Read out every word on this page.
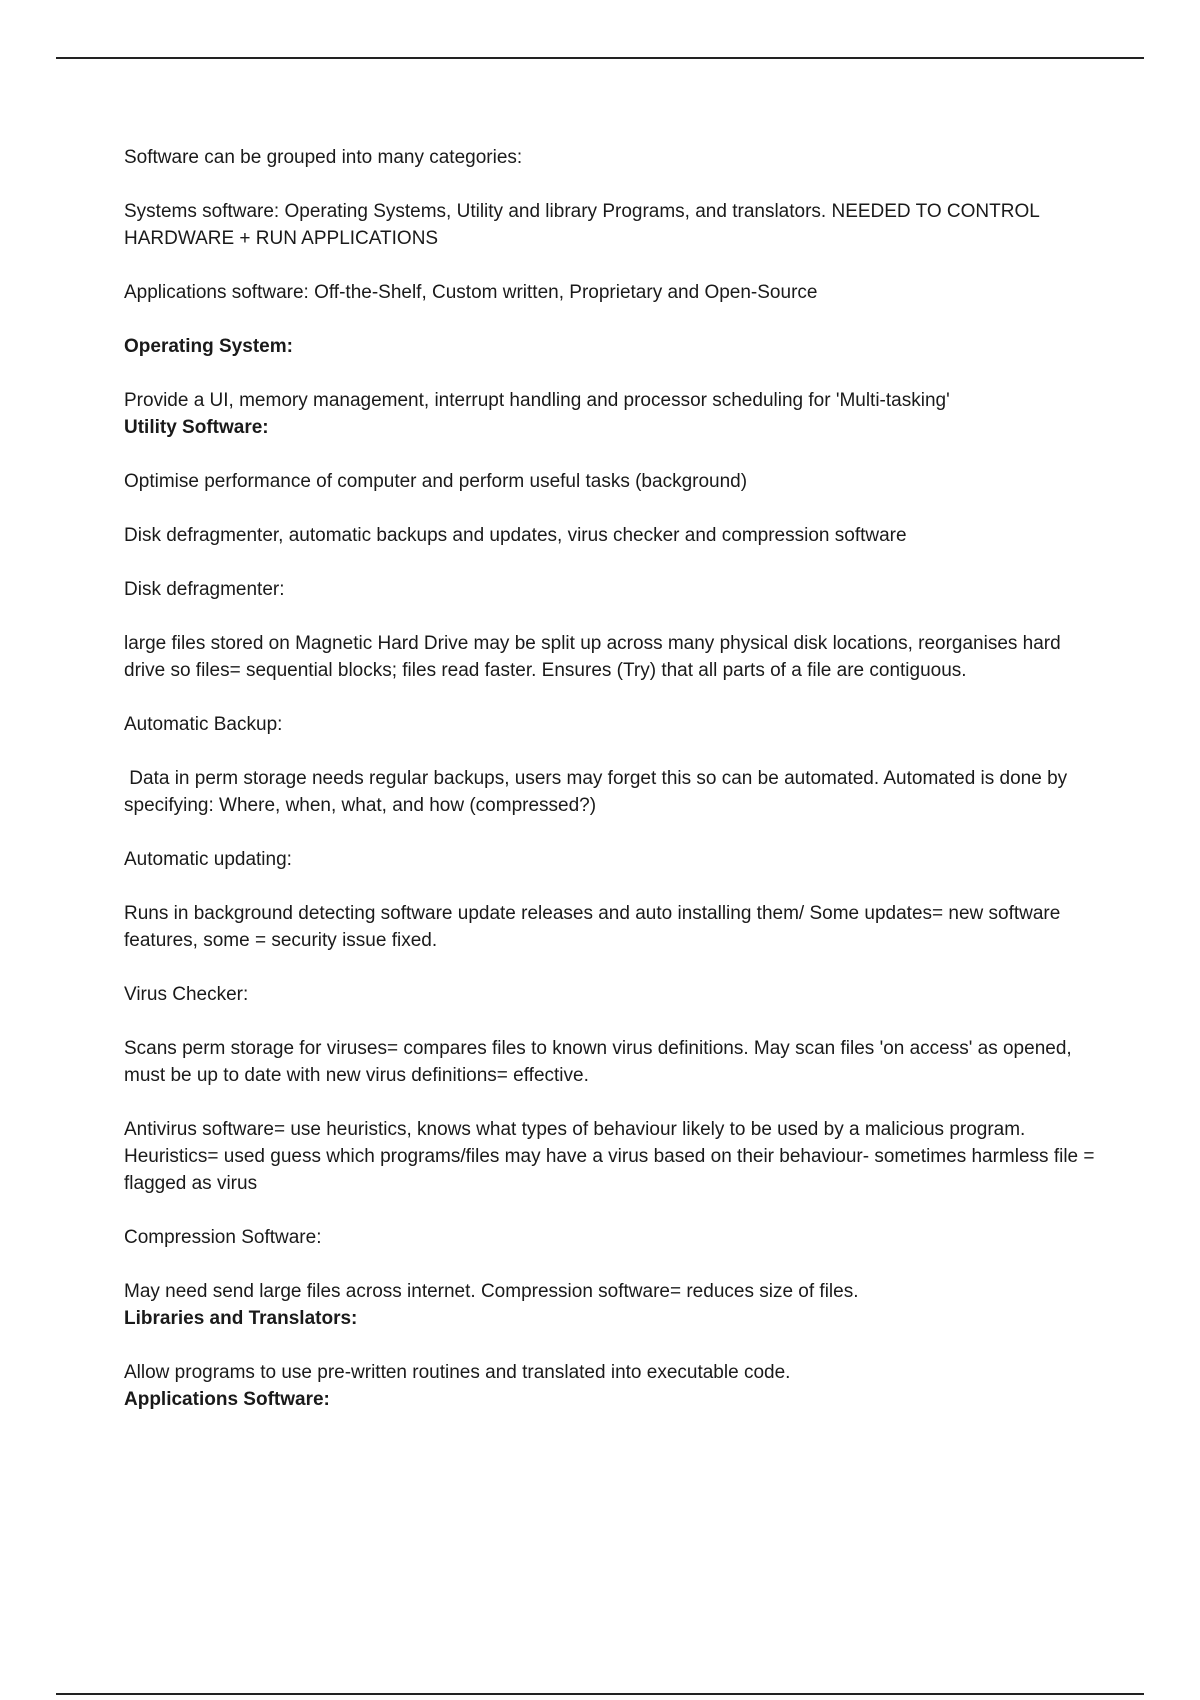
Software can be grouped into many categories:

Systems software: Operating Systems, Utility and library Programs, and translators. NEEDED TO CONTROL HARDWARE + RUN APPLICATIONS

Applications software: Off-the-Shelf, Custom written, Proprietary and Open-Source

Operating System:

Provide a UI, memory management, interrupt handling and processor scheduling for 'Multi-tasking'

Utility Software:

Optimise performance of computer and perform useful tasks (background)

Disk defragmenter, automatic backups and updates, virus checker and compression software

Disk defragmenter:

large files stored on Magnetic Hard Drive may be split up across many physical disk locations, reorganises hard drive so files= sequential blocks; files read faster. Ensures (Try) that all parts of a file are contiguous.

Automatic Backup:

Data in perm storage needs regular backups, users may forget this so can be automated. Automated is done by specifying: Where, when, what, and how (compressed?)

Automatic updating:

Runs in background detecting software update releases and auto installing them/ Some updates= new software features, some = security issue fixed.

Virus Checker:

Scans perm storage for viruses= compares files to known virus definitions. May scan files 'on access' as opened, must be up to date with new virus definitions= effective.

Antivirus software= use heuristics, knows what types of behaviour likely to be used by a malicious program. Heuristics= used guess which programs/files may have a virus based on their behaviour- sometimes harmless file = flagged as virus

Compression Software:

May need send large files across internet. Compression software= reduces size of files.

Libraries and Translators:

Allow programs to use pre-written routines and translated into executable code.

Applications Software:
